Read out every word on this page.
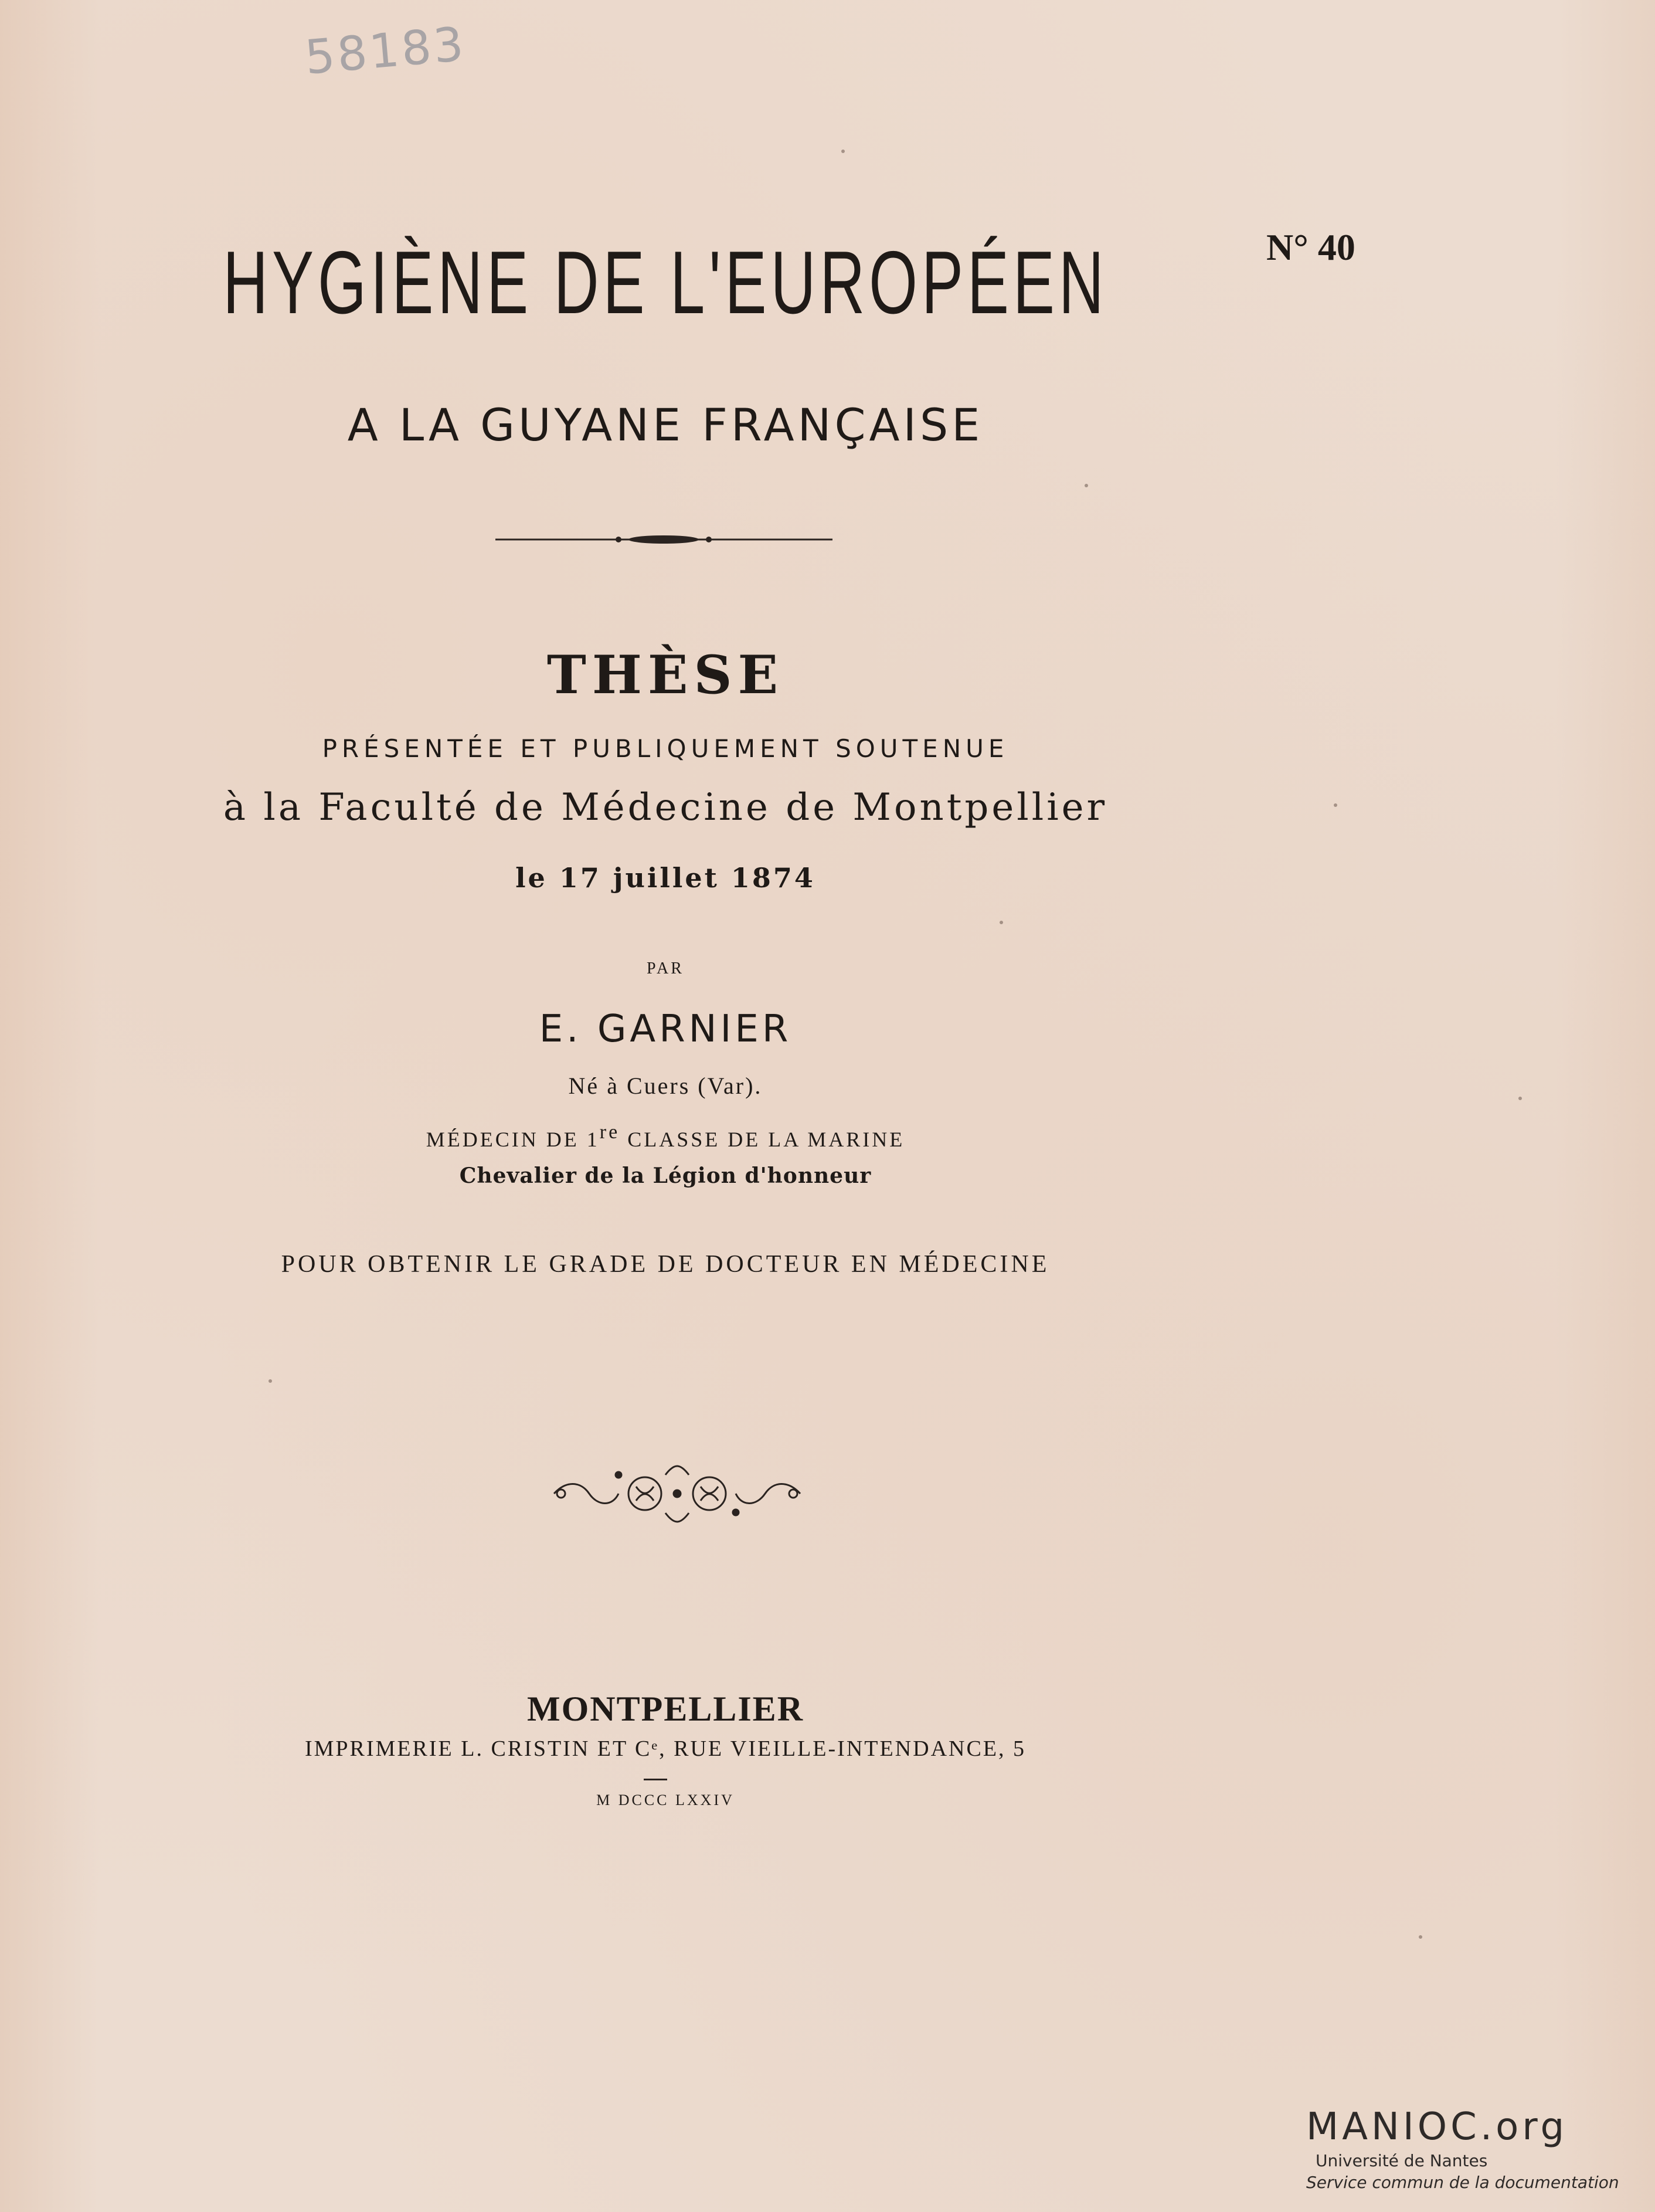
58183
N° 40
HYGIÈNE DE L'EUROPÉEN
A LA GUYANE FRANÇAISE
THÈSE
PRÉSENTÉE ET PUBLIQUEMENT SOUTENUE
à la Faculté de Médecine de Montpellier
le 17 juillet 1874
PAR
E. GARNIER
Né à Cuers (Var).
MÉDECIN DE 1re CLASSE DE LA MARINE
Chevalier de la Légion d'honneur
POUR OBTENIR LE GRADE DE DOCTEUR EN MÉDECINE
MONTPELLIER
IMPRIMERIE L. CRISTIN ET Cᵉ, RUE VIEILLE-INTENDANCE, 5
M DCCC LXXIV
MANIOC.org
Université de Nantes
Service commun de la documentation
